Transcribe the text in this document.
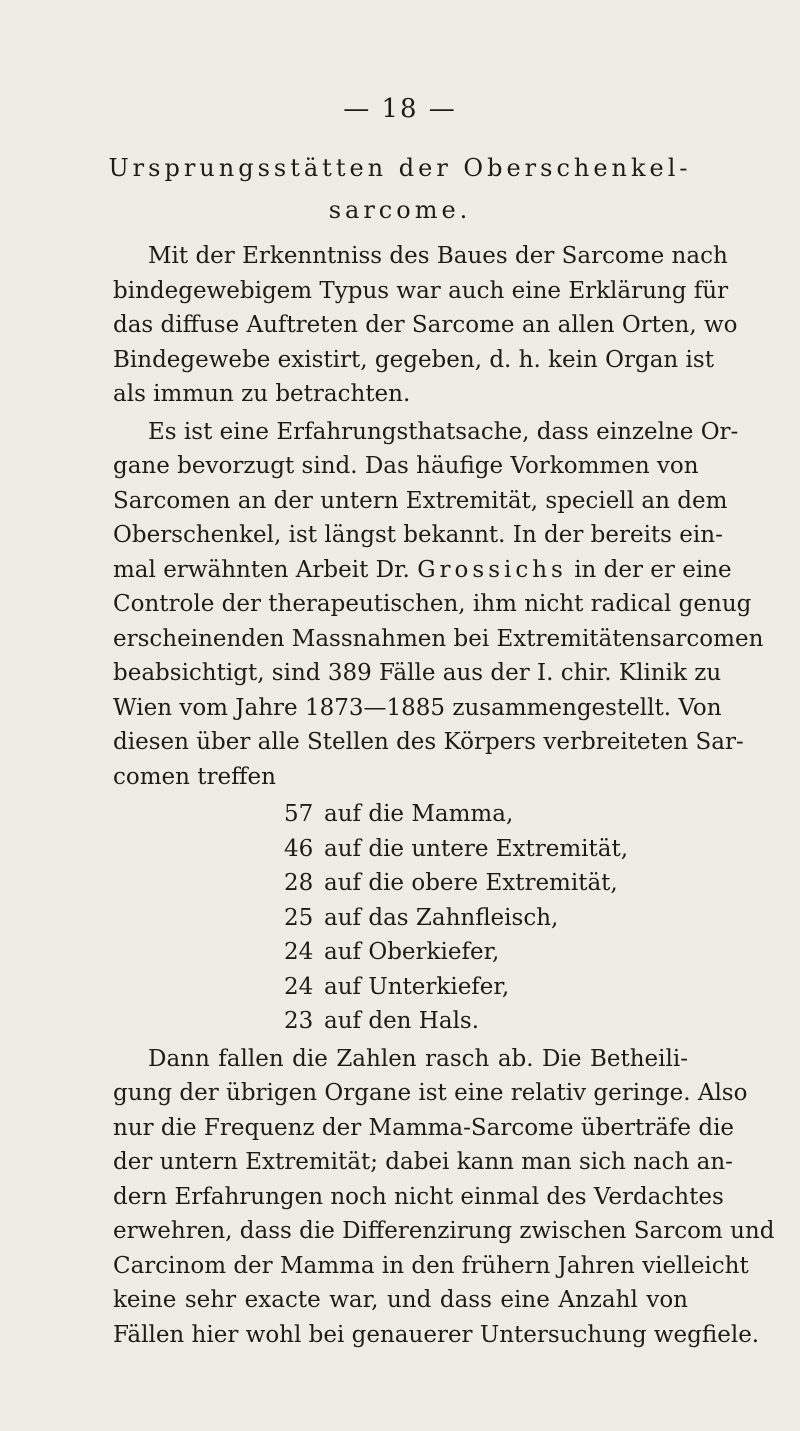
— 18 —
Ursprungsstätten der Oberschenkel-
sarcome.
Mit der Erkenntniss des Baues der Sarcome nach
bindegewebigem Typus war auch eine Erklärung für
das diffuse Auftreten der Sarcome an allen Orten, wo
Bindegewebe existirt, gegeben, d. h. kein Organ ist
als immun zu betrachten.
Es ist eine Erfahrungsthatsache, dass einzelne Or-
gane bevorzugt sind. Das häufige Vorkommen von
Sarcomen an der untern Extremität, speciell an dem
Oberschenkel, ist längst bekannt. In der bereits ein-
mal erwähnten Arbeit Dr. Grossichs in der er eine
Controle der therapeutischen, ihm nicht radical genug
erscheinenden Massnahmen bei Extremitätensarcomen
beabsichtigt, sind 389 Fälle aus der I. chir. Klinik zu
Wien vom Jahre 1873—1885 zusammengestellt. Von
diesen über alle Stellen des Körpers verbreiteten Sar-
comen treffen
57 auf die Mamma,
46 auf die untere Extremität,
28 auf die obere Extremität,
25 auf das Zahnfleisch,
24 auf Oberkiefer,
24 auf Unterkiefer,
23 auf den Hals.
Dann fallen die Zahlen rasch ab. Die Betheili-
gung der übrigen Organe ist eine relativ geringe. Also
nur die Frequenz der Mamma-Sarcome überträfe die
der untern Extremität; dabei kann man sich nach an-
dern Erfahrungen noch nicht einmal des Verdachtes
erwehren, dass die Differenzirung zwischen Sarcom und
Carcinom der Mamma in den frühern Jahren vielleicht
keine sehr exacte war, und dass eine Anzahl von
Fällen hier wohl bei genauerer Untersuchung wegfiele.
